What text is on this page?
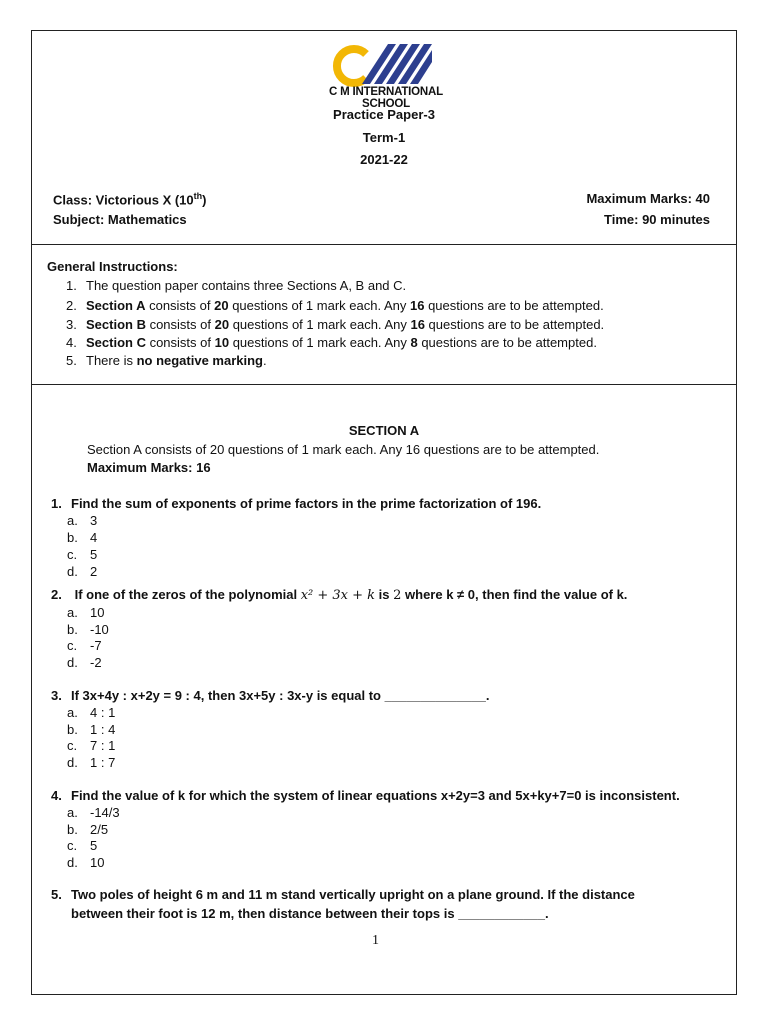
C M INTERNATIONAL SCHOOL
Practice Paper-3
Term-1
2021-22
Class: Victorious X (10th)
Subject: Mathematics
Maximum Marks: 40
Time: 90 minutes
General Instructions:
1. The question paper contains three Sections A, B and C.
2. Section A consists of 20 questions of 1 mark each. Any 16 questions are to be attempted.
3. Section B consists of 20 questions of 1 mark each. Any 16 questions are to be attempted.
4. Section C consists of 10 questions of 1 mark each. Any 8 questions are to be attempted.
5. There is no negative marking.
SECTION A
Section A consists of 20 questions of 1 mark each. Any 16 questions are to be attempted.
Maximum Marks: 16
1. Find the sum of exponents of prime factors in the prime factorization of 196.
a. 3
b. 4
c. 5
d. 2
2. If one of the zeros of the polynomial x² + 3x + k is 2 where k ≠ 0, then find the value of k.
a. 10
b. -10
c. -7
d. -2
3. If 3x+4y : x+2y = 9 : 4, then 3x+5y : 3x-y is equal to ______________.
a. 4 : 1
b. 1 : 4
c. 7 : 1
d. 1 : 7
4. Find the value of k for which the system of linear equations x+2y=3 and 5x+ky+7=0 is inconsistent.
a. -14/3
b. 2/5
c. 5
d. 10
5. Two poles of height 6 m and 11 m stand vertically upright on a plane ground. If the distance
between their foot is 12 m, then distance between their tops is ____________.
1
